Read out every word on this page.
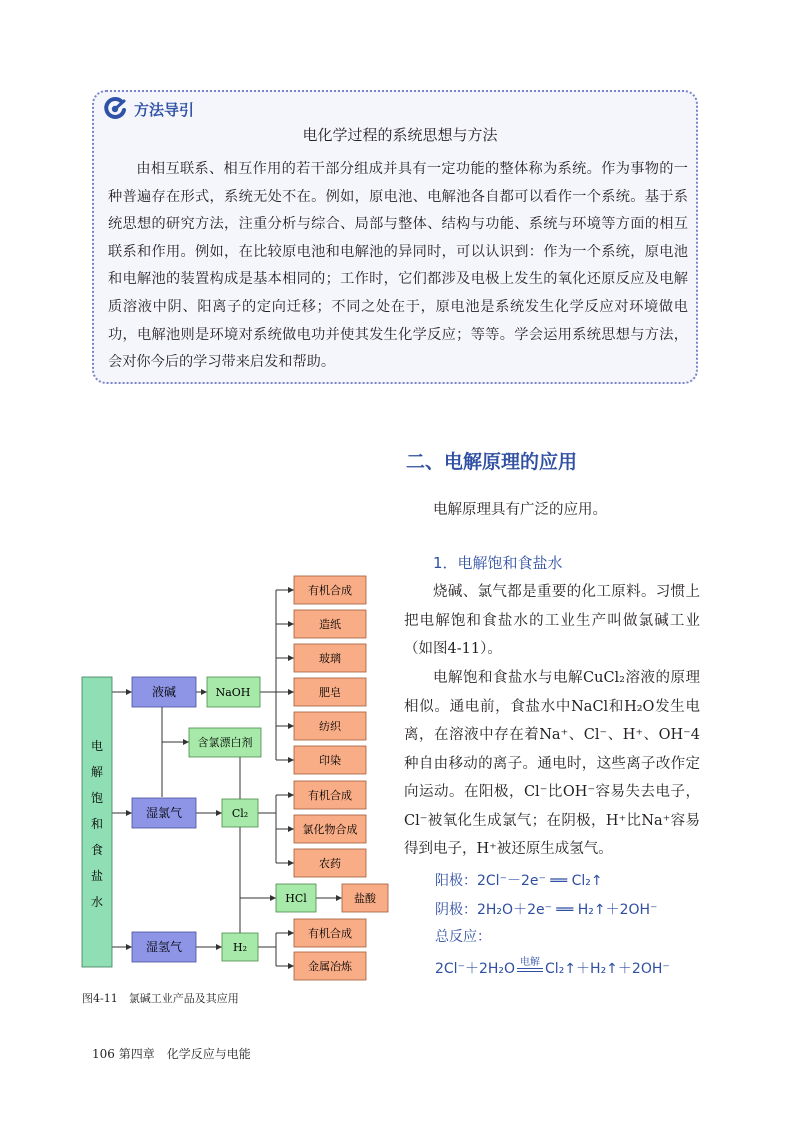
方法导引
电化学过程的系统思想与方法
由相互联系、相互作用的若干部分组成并具有一定功能的整体称为系统。作为事物的一种普遍存在形式，系统无处不在。例如，原电池、电解池各自都可以看作一个系统。基于系统思想的研究方法，注重分析与综合、局部与整体、结构与功能、系统与环境等方面的相互联系和作用。例如，在比较原电池和电解池的异同时，可以认识到：作为一个系统，原电池和电解池的装置构成是基本相同的；工作时，它们都涉及电极上发生的氧化还原反应及电解质溶液中阴、阳离子的定向迁移；不同之处在于，原电池是系统发生化学反应对环境做电功，电解池则是环境对系统做电功并使其发生化学反应；等等。学会运用系统思想与方法，会对你今后的学习带来启发和帮助。
二、电解原理的应用
电解原理具有广泛的应用。
1．电解饱和食盐水
烧碱、氯气都是重要的化工原料。习惯上把电解饱和食盐水的工业生产叫做氯碱工业（如图4-11）。
电解饱和食盐水与电解CuCl₂溶液的原理相似。通电前，食盐水中NaCl和H₂O发生电离，在溶液中存在着Na⁺、Cl⁻、H⁺、OH⁻4种自由移动的离子。通电时，这些离子改作定向运动。在阳极，Cl⁻比OH⁻容易失去电子，Cl⁻被氧化生成氯气；在阴极，H⁺比Na⁺容易得到电子，H⁺被还原生成氢气。
阳极：2Cl⁻－2e⁻ ══ Cl₂↑
阴极：2H₂O＋2e⁻ ══ H₂↑＋2OH⁻
总反应：
2Cl⁻＋2H₂O 电解 Cl₂↑＋H₂↑＋2OH⁻
电解饱和食盐水
液碱
湿氯气
湿氢气
NaOH
含氯漂白剂
Cl₂
HCl
H₂
盐酸
有机合成
造纸
玻璃
肥皂
纺织
印染
有机合成
氯化物合成
农药
有机合成
金属冶炼
图4-11　氯碱工业产品及其应用
106 第四章　化学反应与电能
